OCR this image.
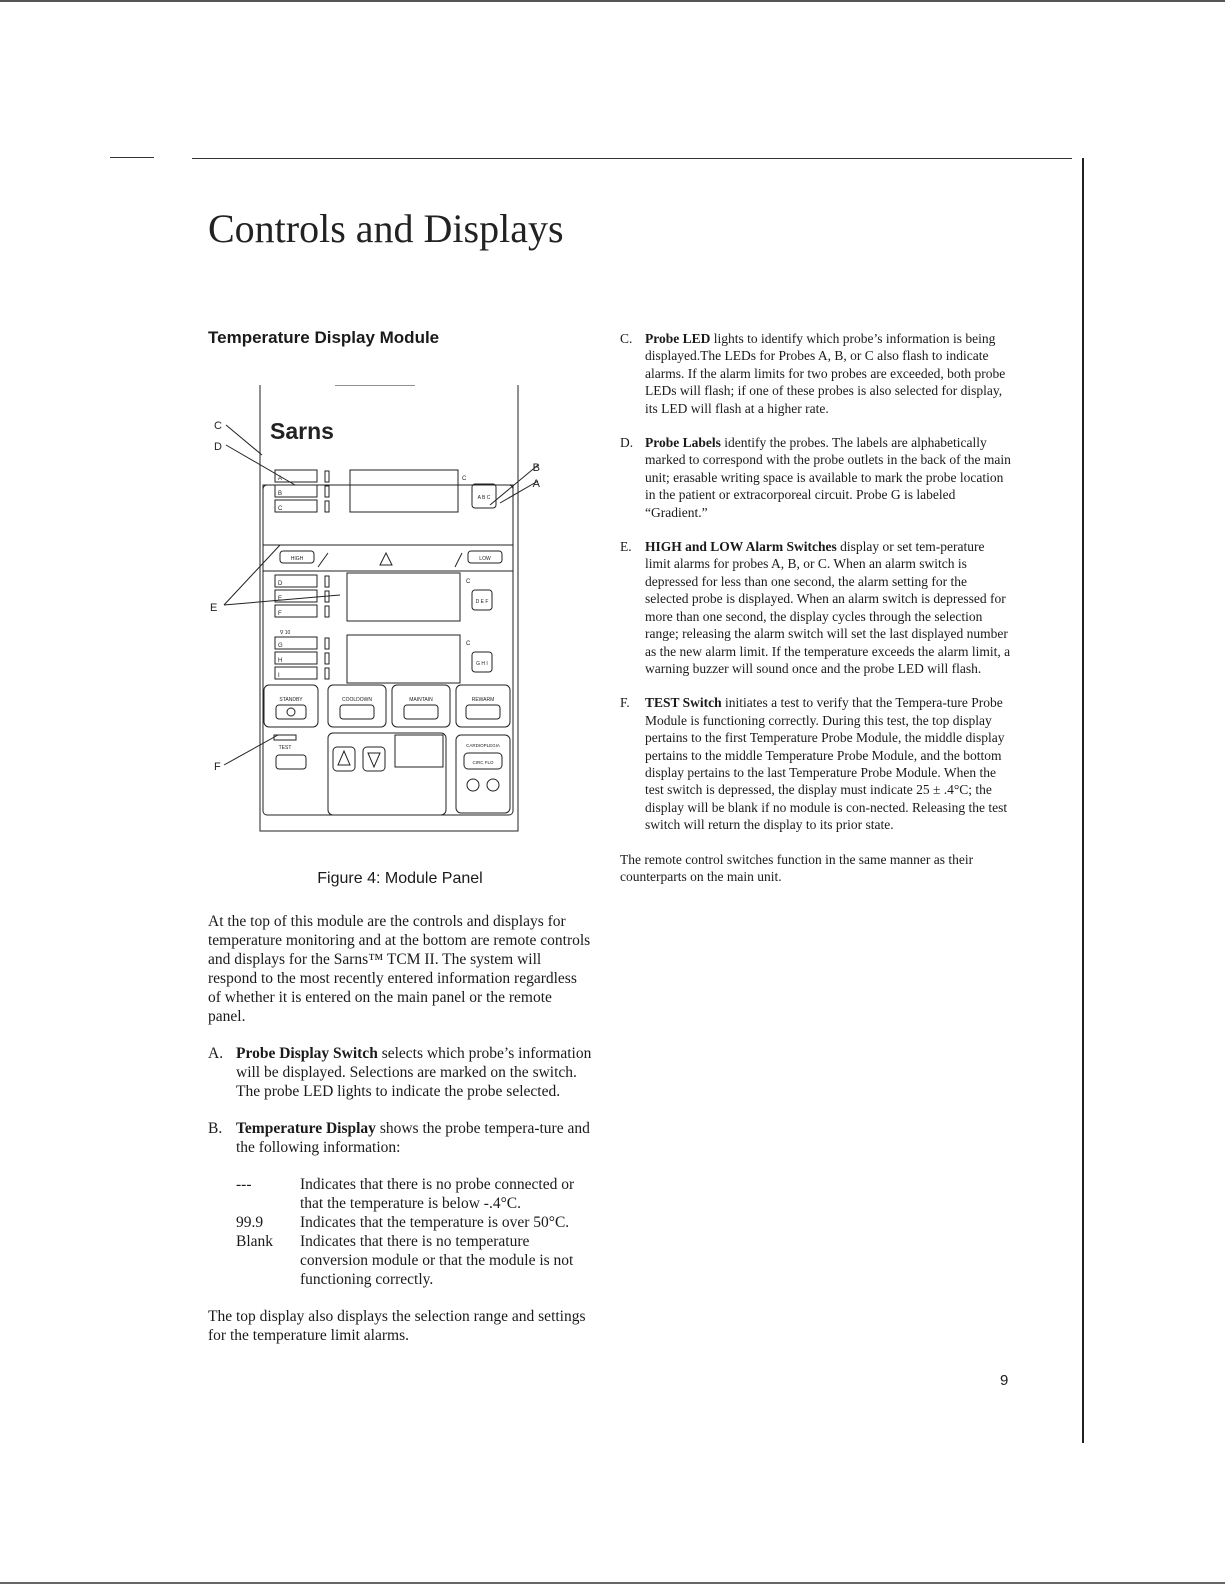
Controls and Displays
Temperature Display Module
Sarns
C
D
B
A
E
F
A
B
C
C
A B C
HIGH	LOW
D
E
F
C
D E F
∇ 10
G
H
I
C
G H I
STANDBY	COOLDOWN	MAINTAIN	REWARM
TEST	CARDIOPLEGIA
CIRC FLO
Figure 4: Module Panel

At the top of this module are the controls and displays for temperature monitoring and at the bottom are remote controls and displays for the Sarns™ TCM II. The system will respond to the most recently entered information regardless of whether it is entered on the main panel or the remote panel.

A. Probe Display Switch selects which probe’s information will be displayed. Selections are marked on the switch. The probe LED lights to indicate the probe selected.
B. Temperature Display shows the probe tempera-ture and the following information:
---	Indicates that there is no probe connected or that the temperature is below -.4°C.
99.9	Indicates that the temperature is over 50°C.
Blank	Indicates that there is no temperature conversion module or that the module is not functioning correctly.

The top display also displays the selection range and settings for the temperature limit alarms.

C. Probe LED lights to identify which probe’s information is being displayed.The LEDs for Probes A, B, or C also flash to indicate alarms. If the alarm limits for two probes are exceeded, both probe LEDs will flash; if one of these probes is also selected for display, its LED will flash at a higher rate.
D. Probe Labels identify the probes. The labels are alphabetically marked to correspond with the probe outlets in the back of the main unit; erasable writing space is available to mark the probe location in the patient or extracorporeal circuit. Probe G is labeled “Gradient.”
E. HIGH and LOW Alarm Switches display or set tem-perature limit alarms for probes A, B, or C. When an alarm switch is depressed for less than one second, the alarm setting for the selected probe is displayed. When an alarm switch is depressed for more than one second, the display cycles through the selection range; releasing the alarm switch will set the last displayed number as the new alarm limit. If the temperature exceeds the alarm limit, a warning buzzer will sound once and the probe LED will flash.
F.	TEST Switch initiates a test to verify that the Tempera-ture Probe Module is functioning correctly. During this test, the top display pertains to the first Temperature Probe Module, the middle display pertains to the middle Temperature Probe Module, and the bottom display pertains to the last Temperature Probe Module. When the test switch is depressed, the display must indicate 25 ± .4°C; the display will be blank if no module is con-nected. Releasing the test switch will return the display to its prior state.

The remote control switches function in the same manner as their counterparts on the main unit.

9
